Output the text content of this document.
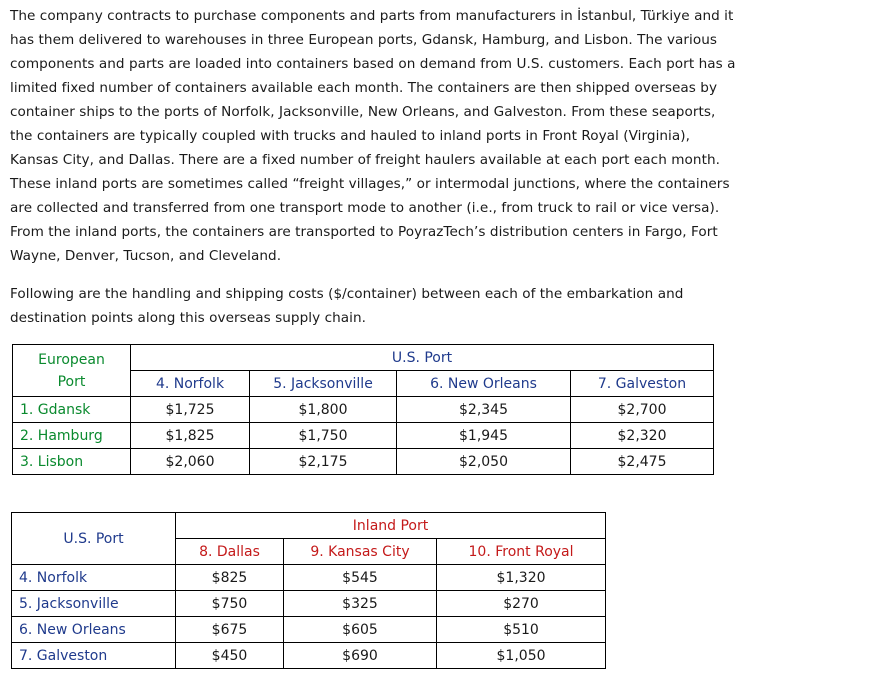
The company contracts to purchase components and parts from manufacturers in İstanbul, Türkiye and it
has them delivered to warehouses in three European ports, Gdansk, Hamburg, and Lisbon. The various
components and parts are loaded into containers based on demand from U.S. customers. Each port has a
limited fixed number of containers available each month. The containers are then shipped overseas by
container ships to the ports of Norfolk, Jacksonville, New Orleans, and Galveston. From these seaports,
the containers are typically coupled with trucks and hauled to inland ports in Front Royal (Virginia),
Kansas City, and Dallas. There are a fixed number of freight haulers available at each port each month.
These inland ports are sometimes called “freight villages,” or intermodal junctions, where the containers
are collected and transferred from one transport mode to another (i.e., from truck to rail or vice versa).
From the inland ports, the containers are transported to PoyrazTech’s distribution centers in Fargo, Fort
Wayne, Denver, Tucson, and Cleveland.
Following are the handling and shipping costs ($/container) between each of the embarkation and
destination points along this overseas supply chain.
European
Port	U.S. Port			
	4. Norfolk	5. Jacksonville	6. New Orleans	7. Galveston
1. Gdansk	$1,725	$1,800	$2,345	$2,700
2. Hamburg	$1,825	$1,750	$1,945	$2,320
3. Lisbon	$2,060	$2,175	$2,050	$2,475
U.S. Port	Inland Port		
	8. Dallas	9. Kansas City	10. Front Royal
4. Norfolk	$825	$545	$1,320
5. Jacksonville	$750	$325	$270
6. New Orleans	$675	$605	$510
7. Galveston	$450	$690	$1,050
